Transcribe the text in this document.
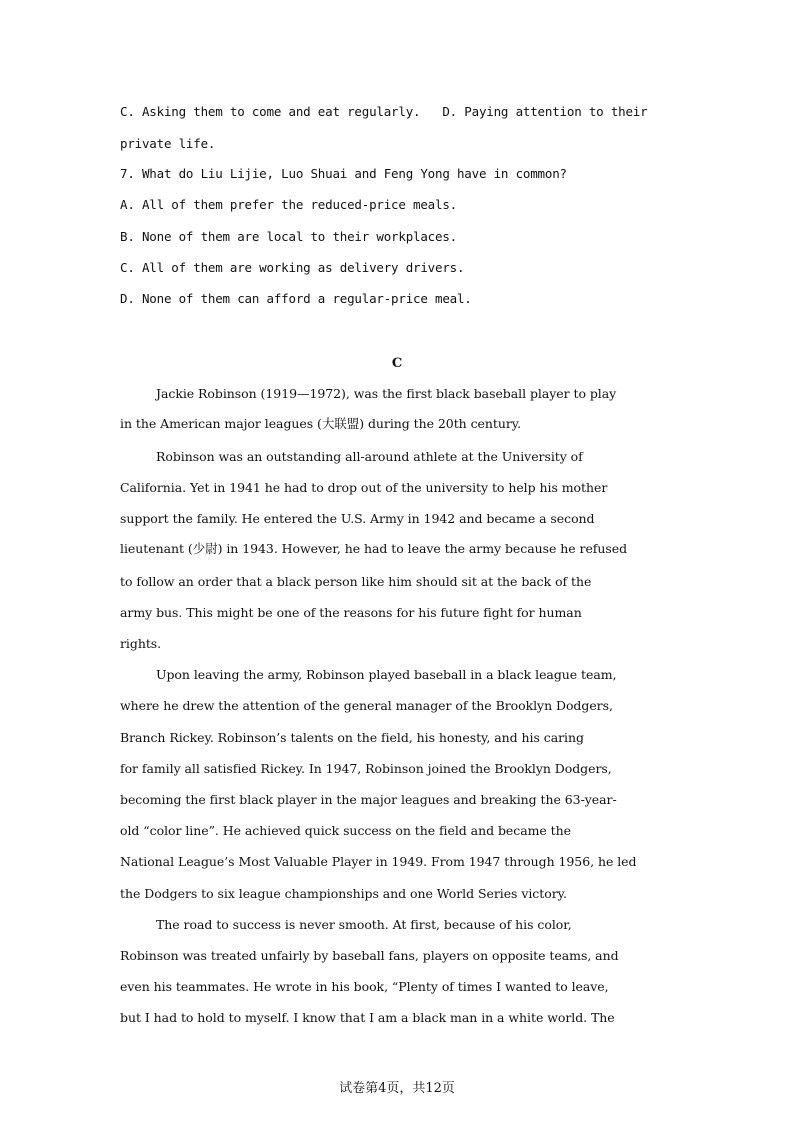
C. Asking them to come and eat regularly.   D. Paying attention to their
private life.
7. What do Liu Lijie, Luo Shuai and Feng Yong have in common?
A. All of them prefer the reduced-price meals.
B. None of them are local to their workplaces.
C. All of them are working as delivery drivers.
D. None of them can afford a regular-price meal.
C
Jackie Robinson (1919—1972), was the first black baseball player to play
in the American major leagues (大联盟) during the 20th century.
Robinson was an outstanding all-around athlete at the University of
California. Yet in 1941 he had to drop out of the university to help his mother
support the family. He entered the U.S. Army in 1942 and became a second
lieutenant (少尉) in 1943. However, he had to leave the army because he refused
to follow an order that a black person like him should sit at the back of the
army bus. This might be one of the reasons for his future fight for human
rights.
Upon leaving the army, Robinson played baseball in a black league team,
where he drew the attention of the general manager of the Brooklyn Dodgers,
Branch Rickey. Robinson’s talents on the field, his honesty, and his caring
for family all satisfied Rickey. In 1947, Robinson joined the Brooklyn Dodgers,
becoming the first black player in the major leagues and breaking the 63-year-
old “color line”. He achieved quick success on the field and became the
National League’s Most Valuable Player in 1949. From 1947 through 1956, he led
the Dodgers to six league championships and one World Series victory.
The road to success is never smooth. At first, because of his color,
Robinson was treated unfairly by baseball fans, players on opposite teams, and
even his teammates. He wrote in his book, “Plenty of times I wanted to leave,
but I had to hold to myself. I know that I am a black man in a white world. The
试卷第4页，共12页
